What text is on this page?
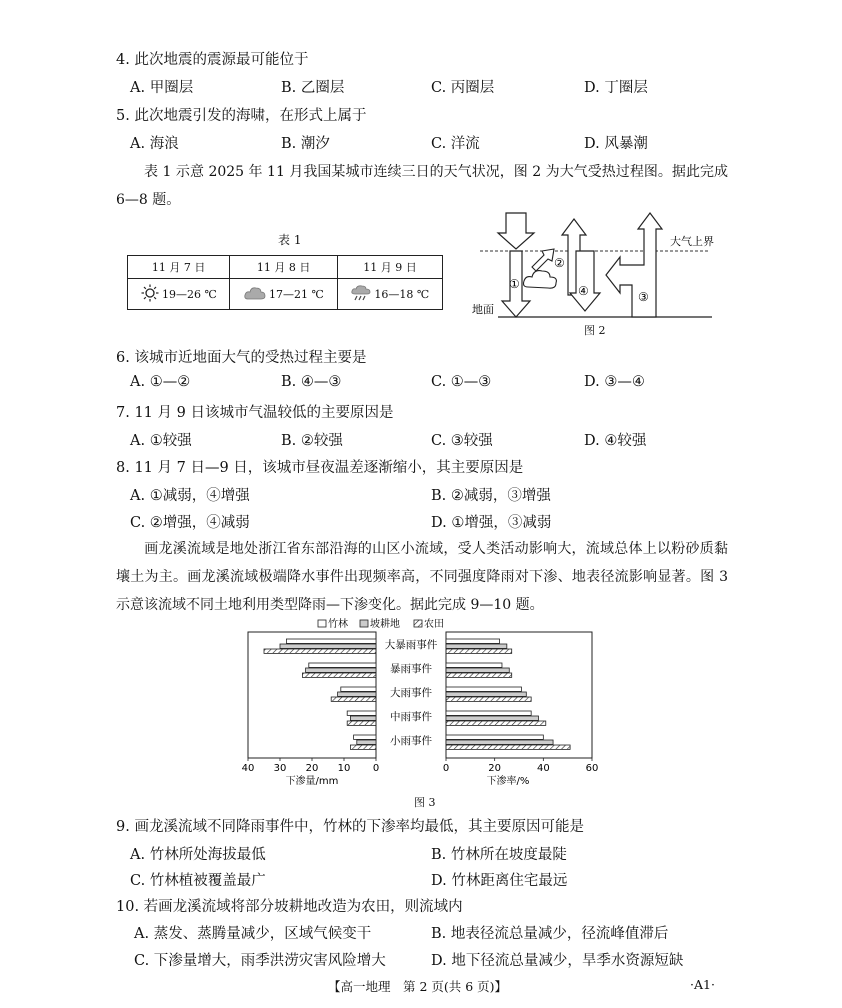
4. 此次地震的震源最可能位于
A. 甲圈层	B. 乙圈层	C. 丙圈层	D. 丁圈层
5. 此次地震引发的海啸，在形式上属于
A. 海浪	B. 潮汐	C. 洋流	D. 风暴潮
表 1 示意 2025 年 11 月我国某城市连续三日的天气状况，图 2 为大气受热过程图。据此完成 6—8 题。
表 1
11 月 7 日	11 月 8 日	11 月 9 日
19—26 ℃	17—21 ℃	16—18 ℃
大气上界
地面
①
②
④	③
图 2
6. 该城市近地面大气的受热过程主要是
A. ①—②	B. ④—③	C. ①—③	D. ③—④
7. 11 月 9 日该城市气温较低的主要原因是
A. ①较强	B. ②较强	C. ③较强	D. ④较强
8. 11 月 7 日—9 日，该城市昼夜温差逐渐缩小，其主要原因是
A. ①减弱，④增强	B. ②减弱，③增强
C. ②增强，④减弱	D. ①增强，③减弱
画龙溪流域是地处浙江省东部沿海的山区小流域，受人类活动影响大，流域总体上以粉砂质黏壤土为主。画龙溪流域极端降水事件出现频率高，不同强度降雨对下渗、地表径流影响显著。图 3 示意该流域不同土地利用类型降雨—下渗变化。据此完成 9—10 题。
竹林 坡耕地 农田
大暴雨事件
暴雨事件
大雨事件
中雨事件
小雨事件
40 30 20 10 0	0	20	40	60
下渗量/mm	下渗率/%
图 3
9. 画龙溪流域不同降雨事件中，竹林的下渗率均最低，其主要原因可能是
A. 竹林所处海拔最低	B. 竹林所在坡度最陡
C. 竹林植被覆盖最广	D. 竹林距离住宅最远
10. 若画龙溪流域将部分坡耕地改造为农田，则流域内
A. 蒸发、蒸腾量减少，区域气候变干	B. 地表径流总量减少，径流峰值滞后
C. 下渗量增大，雨季洪涝灾害风险增大	D. 地下径流总量减少，旱季水资源短缺
【高一地理　第 2 页(共 6 页)】	·A1·
